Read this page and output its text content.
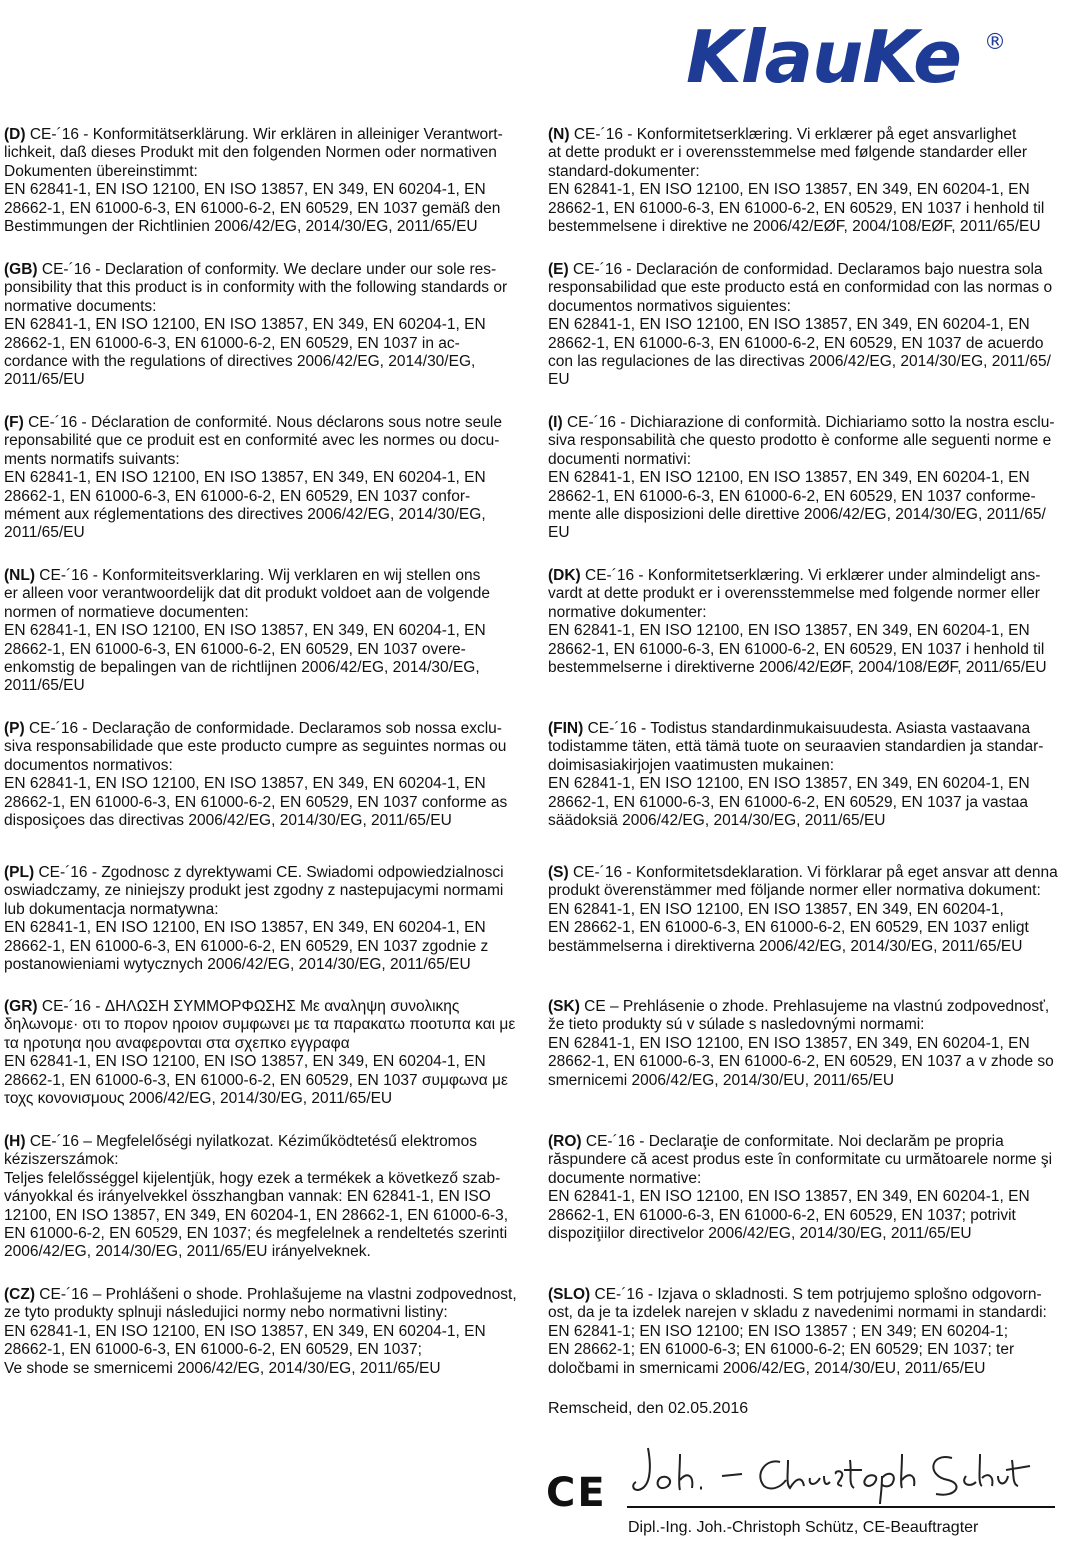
KlauKe ®

(D) CE-´16 - Konformitätserklärung. Wir erklären in alleiniger Verantwort-

lichkeit, daß dieses Produkt mit den folgenden Normen oder normativen

Dokumenten übereinstimmt:

EN 62841-1, EN ISO 12100, EN ISO 13857, EN 349, EN 60204-1, EN

28662-1, EN 61000-6-3, EN 61000-6-2, EN 60529, EN 1037 gemäß den

Bestimmungen der Richtlinien 2006/42/EG, 2014/30/EG, 2011/65/EU

(GB) CE-´16 - Declaration of conformity. We declare under our sole res-

ponsibility that this product is in conformity with the following standards or

normative documents:

EN 62841-1, EN ISO 12100, EN ISO 13857, EN 349, EN 60204-1, EN

28662-1, EN 61000-6-3, EN 61000-6-2, EN 60529, EN 1037 in ac-

cordance with the regulations of directives 2006/42/EG, 2014/30/EG,

2011/65/EU

(F) CE-´16 - Déclaration de conformité. Nous déclarons sous notre seule

reponsabilité que ce produit est en conformité avec les normes ou docu-

ments normatifs suivants:

EN 62841-1, EN ISO 12100, EN ISO 13857, EN 349, EN 60204-1, EN

28662-1, EN 61000-6-3, EN 61000-6-2, EN 60529, EN 1037 confor-

mément aux réglementations des directives 2006/42/EG, 2014/30/EG,

2011/65/EU

(NL) CE-´16 - Konformiteitsverklaring. Wij verklaren en wij stellen ons

er alleen voor verantwoordelijk dat dit produkt voldoet aan de volgende

normen of normatieve documenten:

EN 62841-1, EN ISO 12100, EN ISO 13857, EN 349, EN 60204-1, EN

28662-1, EN 61000-6-3, EN 61000-6-2, EN 60529, EN 1037 overe-

enkomstig de bepalingen van de richtlijnen 2006/42/EG, 2014/30/EG,

2011/65/EU

(P) CE-´16 - Declaração de conformidade. Declaramos sob nossa exclu-

siva responsabilidade que este producto cumpre as seguintes normas ou

documentos normativos:

EN 62841-1, EN ISO 12100, EN ISO 13857, EN 349, EN 60204-1, EN

28662-1, EN 61000-6-3, EN 61000-6-2, EN 60529, EN 1037 conforme as

disposiçoes das directivas 2006/42/EG, 2014/30/EG, 2011/65/EU

(PL) CE-´16 - Zgodnosc z dyrektywami CE. Swiadomi odpowiedzialnosci

oswiadczamy, ze niniejszy produkt jest zgodny z nastepujacymi normami

lub dokumentacja normatywna:

EN 62841-1, EN ISO 12100, EN ISO 13857, EN 349, EN 60204-1, EN

28662-1, EN 61000-6-3, EN 61000-6-2, EN 60529, EN 1037 zgodnie z

postanowieniami wytycznych 2006/42/EG, 2014/30/EG, 2011/65/EU

(GR) CE-´16 - ΔΗΛΩΣΗ ΣΥΜΜΟΡΦΩΣΗΣ Με αναληψη συνολικης

δηλωνομε· οτι το πορον ηροιον συμφωνει με τα παρακατω ποοτυπα και με

τα ηροτυηα ηου αναφερονται στα σχεπκο εγγραφα

EN 62841-1, EN ISO 12100, EN ISO 13857, EN 349, EN 60204-1, EN

28662-1, EN 61000-6-3, EN 61000-6-2, EN 60529, EN 1037 συμφωνα με

τοχς κονονισμους 2006/42/EG, 2014/30/EG, 2011/65/EU

(H) CE-´16 – Megfelelőségi nyilatkozat. Kéziműködtetésű elektromos

kéziszerszámok:

Teljes felelősséggel kijelentjük, hogy ezek a termékek a következő szab-

ványokkal és irányelvekkel összhangban vannak: EN 62841-1, EN ISO

12100, EN ISO 13857, EN 349, EN 60204-1, EN 28662-1, EN 61000-6-3,

EN 61000-6-2, EN 60529, EN 1037; és megfelelnek a rendeltetés szerinti

2006/42/EG, 2014/30/EG, 2011/65/EU irányelveknek.

(CZ) CE-´16 – Prohlášeni o shode. Prohlašujeme na vlastni zodpovednost,

ze tyto produkty splnuji následujici normy nebo normativni listiny:

EN 62841-1, EN ISO 12100, EN ISO 13857, EN 349, EN 60204-1, EN

28662-1, EN 61000-6-3, EN 61000-6-2, EN 60529, EN 1037;

Ve shode se smernicemi 2006/42/EG, 2014/30/EG, 2011/65/EU

(N) CE-´16 - Konformitetserklæring. Vi erklærer på eget ansvarlighet

at dette produkt er i overensstemmelse med følgende standarder eller

standard-dokumenter:

EN 62841-1, EN ISO 12100, EN ISO 13857, EN 349, EN 60204-1, EN

28662-1, EN 61000-6-3, EN 61000-6-2, EN 60529, EN 1037 i henhold til

bestemmelsene i direktive ne 2006/42/EØF, 2004/108/EØF, 2011/65/EU

(E) CE-´16 - Declaración de conformidad. Declaramos bajo nuestra sola

responsabilidad que este producto está en conformidad con las normas o

documentos normativos siguientes:

EN 62841-1, EN ISO 12100, EN ISO 13857, EN 349, EN 60204-1, EN

28662-1, EN 61000-6-3, EN 61000-6-2, EN 60529, EN 1037 de acuerdo

con las regulaciones de las directivas 2006/42/EG, 2014/30/EG, 2011/65/

EU

(I) CE-´16 - Dichiarazione di conformità. Dichiariamo sotto la nostra esclu-

siva responsabilità che questo prodotto è conforme alle seguenti norme e

documenti normativi:

EN 62841-1, EN ISO 12100, EN ISO 13857, EN 349, EN 60204-1, EN

28662-1, EN 61000-6-3, EN 61000-6-2, EN 60529, EN 1037 conforme-

mente alle disposizioni delle direttive 2006/42/EG, 2014/30/EG, 2011/65/

EU

(DK) CE-´16 - Konformitetserklæring. Vi erklærer under almindeligt ans-

vardt at dette produkt er i overensstemmelse med folgende normer eller

normative dokumenter:

EN 62841-1, EN ISO 12100, EN ISO 13857, EN 349, EN 60204-1, EN

28662-1, EN 61000-6-3, EN 61000-6-2, EN 60529, EN 1037 i henhold til

bestemmelserne i direktiverne 2006/42/EØF, 2004/108/EØF, 2011/65/EU

(FIN) CE-´16 - Todistus standardinmukaisuudesta. Asiasta vastaavana

todistamme täten, että tämä tuote on seuraavien standardien ja standar-

doimisasiakirjojen vaatimusten mukainen:

EN 62841-1, EN ISO 12100, EN ISO 13857, EN 349, EN 60204-1, EN

28662-1, EN 61000-6-3, EN 61000-6-2, EN 60529, EN 1037 ja vastaa

säädoksiä 2006/42/EG, 2014/30/EG, 2011/65/EU

(S) CE-´16 - Konformitetsdeklaration. Vi förklarar på eget ansvar att denna

produkt överenstämmer med följande normer eller normativa dokument:

EN 62841-1, EN ISO 12100, EN ISO 13857, EN 349, EN 60204-1,

EN 28662-1, EN 61000-6-3, EN 61000-6-2, EN 60529, EN 1037 enligt

bestämmelserna i direktiverna 2006/42/EG, 2014/30/EG, 2011/65/EU

(SK) CE – Prehlásenie o zhode. Prehlasujeme na vlastnú zodpovednosť,

že tieto produkty sú v súlade s nasledovnými normami:

EN 62841-1, EN ISO 12100, EN ISO 13857, EN 349, EN 60204-1, EN

28662-1, EN 61000-6-3, EN 61000-6-2, EN 60529, EN 1037 a v zhode so

smernicemi 2006/42/EG, 2014/30/EU, 2011/65/EU

(RO) CE-´16 - Declaraţie de conformitate. Noi declarăm pe propria

răspundere că acest produs este în conformitate cu următoarele norme şi

documente normative:

EN 62841-1, EN ISO 12100, EN ISO 13857, EN 349, EN 60204-1, EN

28662-1, EN 61000-6-3, EN 61000-6-2, EN 60529, EN 1037; potrivit

dispoziţiilor directivelor 2006/42/EG, 2014/30/EG, 2011/65/EU

(SLO) CE-´16 - Izjava o skladnosti. S tem potrjujemo splošno odgovorn-

ost, da je ta izdelek narejen v skladu z navedenimi normami in standardi:

EN 62841-1; EN ISO 12100; EN ISO 13857 ; EN 349; EN 60204-1;

EN 28662-1; EN 61000-6-3; EN 61000-6-2; EN 60529; EN 1037; ter

določbami in smernicami 2006/42/EG, 2014/30/EU, 2011/65/EU

Remscheid, den 02.05.2016
CE
Dipl.-Ing. Joh.-Christoph Schütz, CE-Beauftragter
